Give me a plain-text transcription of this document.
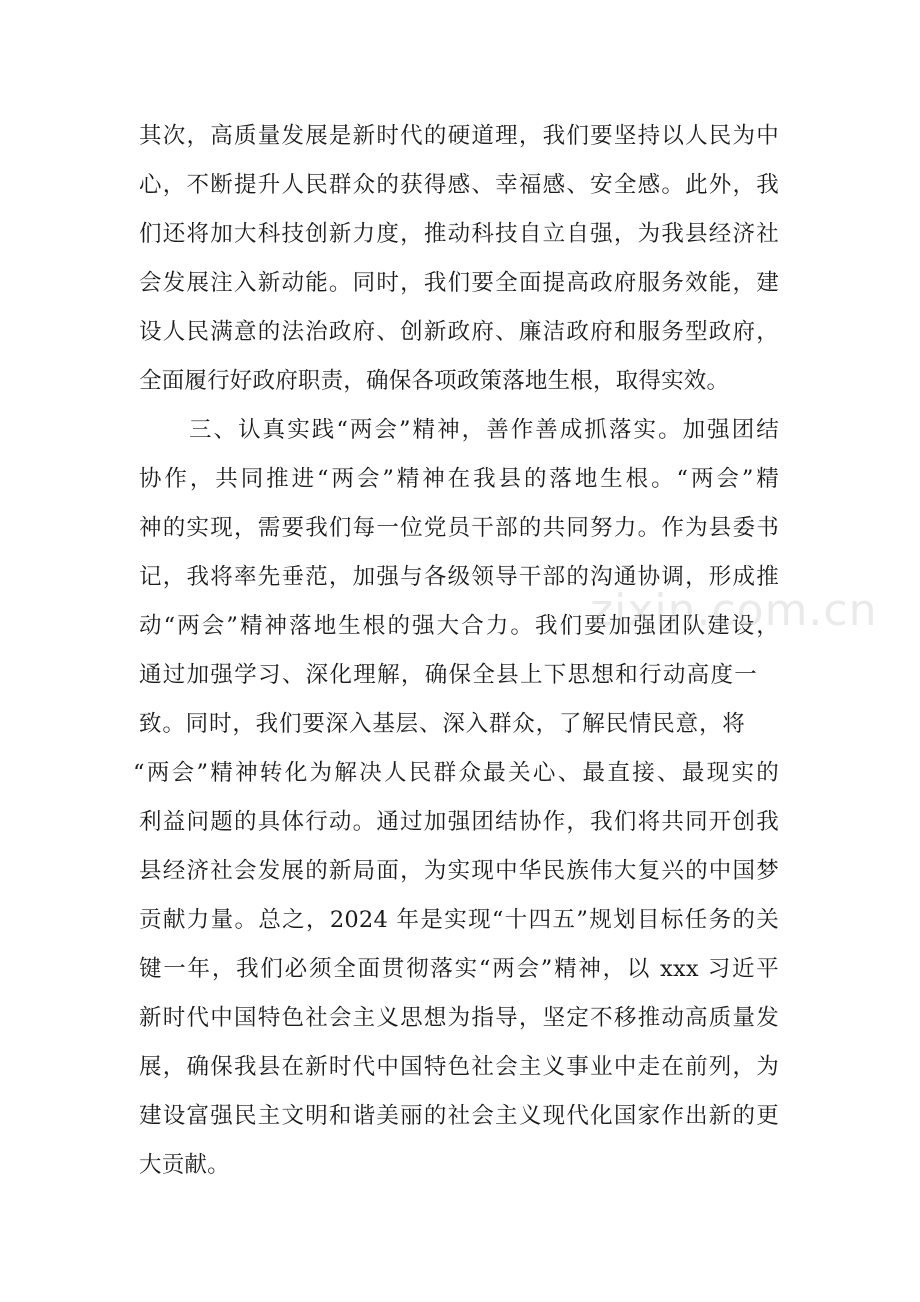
其次，高质量发展是新时代的硬道理，我们要坚持以人民为中
心，不断提升人民群众的获得感、幸福感、安全感。此外，我
们还将加大科技创新力度，推动科技自立自强，为我县经济社
会发展注入新动能。同时，我们要全面提高政府服务效能，建
设人民满意的法治政府、创新政府、廉洁政府和服务型政府，
全面履行好政府职责，确保各项政策落地生根，取得实效。
三、认真实践“两会”精神，善作善成抓落实。加强团结
协作，共同推进“两会”精神在我县的落地生根。“两会”精
神的实现，需要我们每一位党员干部的共同努力。作为县委书
记，我将率先垂范，加强与各级领导干部的沟通协调，形成推
动“两会”精神落地生根的强大合力。我们要加强团队建设，
通过加强学习、深化理解，确保全县上下思想和行动高度一
致。同时，我们要深入基层、深入群众，了解民情民意，将
“两会”精神转化为解决人民群众最关心、最直接、最现实的
利益问题的具体行动。通过加强团结协作，我们将共同开创我
县经济社会发展的新局面，为实现中华民族伟大复兴的中国梦
贡献力量。总之，2024 年是实现“十四五”规划目标任务的关
键一年，我们必须全面贯彻落实“两会”精神，以 xxx 习近平
新时代中国特色社会主义思想为指导，坚定不移推动高质量发
展，确保我县在新时代中国特色社会主义事业中走在前列，为
建设富强民主文明和谐美丽的社会主义现代化国家作出新的更
大贡献。
zixin.com.cn
